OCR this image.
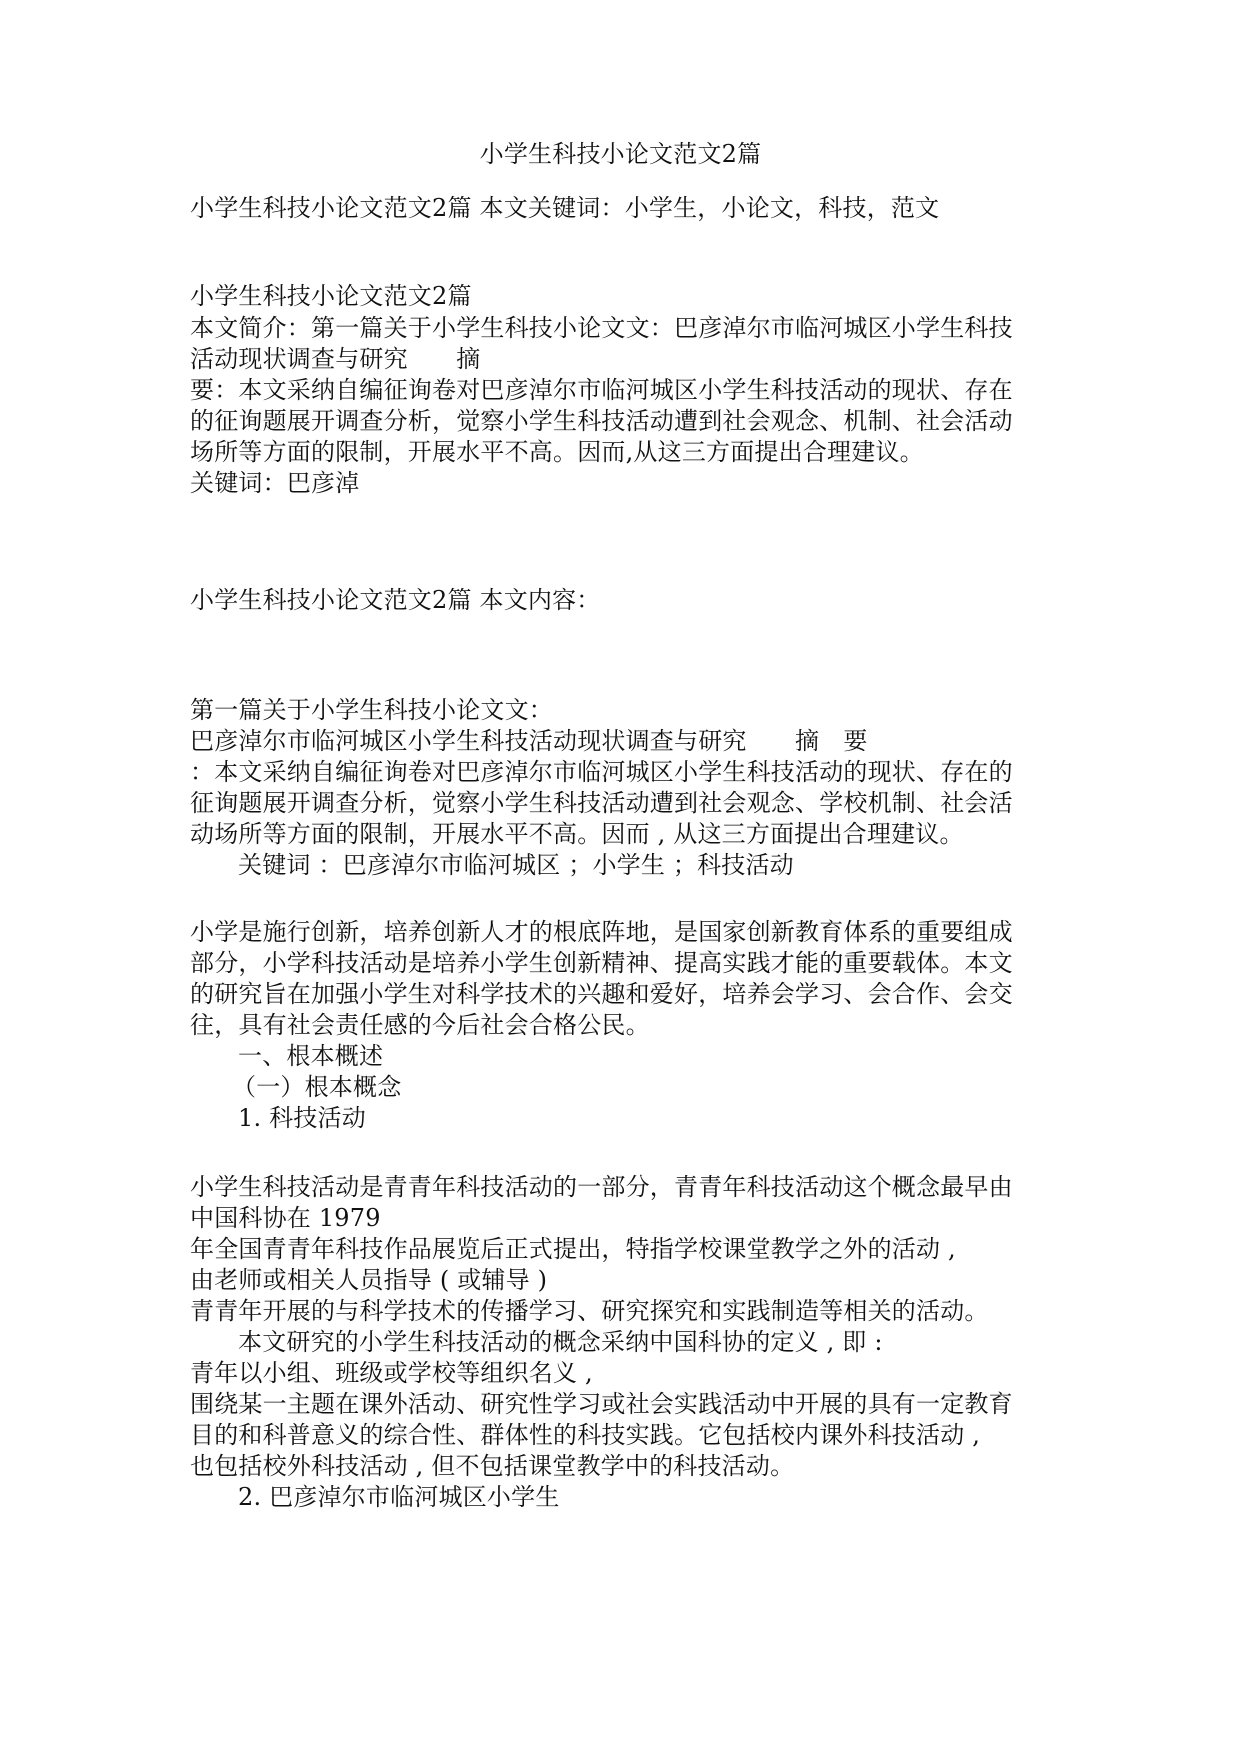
小学生科技小论文范文2篇
小学生科技小论文范文2篇 本文关键词：小学生，小论文，科技，范文
小学生科技小论文范文2篇
本文简介：第一篇关于小学生科技小论文文：巴彦淖尔市临河城区小学生科技
活动现状调查与研究　　摘
要：本文采纳自编征询卷对巴彦淖尔市临河城区小学生科技活动的现状、存在
的征询题展开调查分析，觉察小学生科技活动遭到社会观念、机制、社会活动
场所等方面的限制，开展水平不高。因而,从这三方面提出合理建议。
关键词：巴彦淖
小学生科技小论文范文2篇 本文内容：
第一篇关于小学生科技小论文文：
巴彦淖尔市临河城区小学生科技活动现状调查与研究　　摘　要
：本文采纳自编征询卷对巴彦淖尔市临河城区小学生科技活动的现状、存在的
征询题展开调查分析，觉察小学生科技活动遭到社会观念、学校机制、社会活
动场所等方面的限制，开展水平不高。因而 , 从这三方面提出合理建议。
关键词 ：巴彦淖尔市临河城区 ；小学生 ；科技活动
小学是施行创新，培养创新人才的根底阵地，是国家创新教育体系的重要组成
部分，小学科技活动是培养小学生创新精神、提高实践才能的重要载体。本文
的研究旨在加强小学生对科学技术的兴趣和爱好，培养会学习、会合作、会交
往，具有社会责任感的今后社会合格公民。
一、根本概述
（一）根本概念
1. 科技活动
小学生科技活动是青青年科技活动的一部分，青青年科技活动这个概念最早由
中国科协在 1979
年全国青青年科技作品展览后正式提出，特指学校课堂教学之外的活动 ,
由老师或相关人员指导 ( 或辅导 )
青青年开展的与科学技术的传播学习、研究探究和实践制造等相关的活动。
本文研究的小学生科技活动的概念采纳中国科协的定义 , 即 :
青年以小组、班级或学校等组织名义 ,
围绕某一主题在课外活动、研究性学习或社会实践活动中开展的具有一定教育
目的和科普意义的综合性、群体性的科技实践。它包括校内课外科技活动 ,
也包括校外科技活动 , 但不包括课堂教学中的科技活动。
2. 巴彦淖尔市临河城区小学生
